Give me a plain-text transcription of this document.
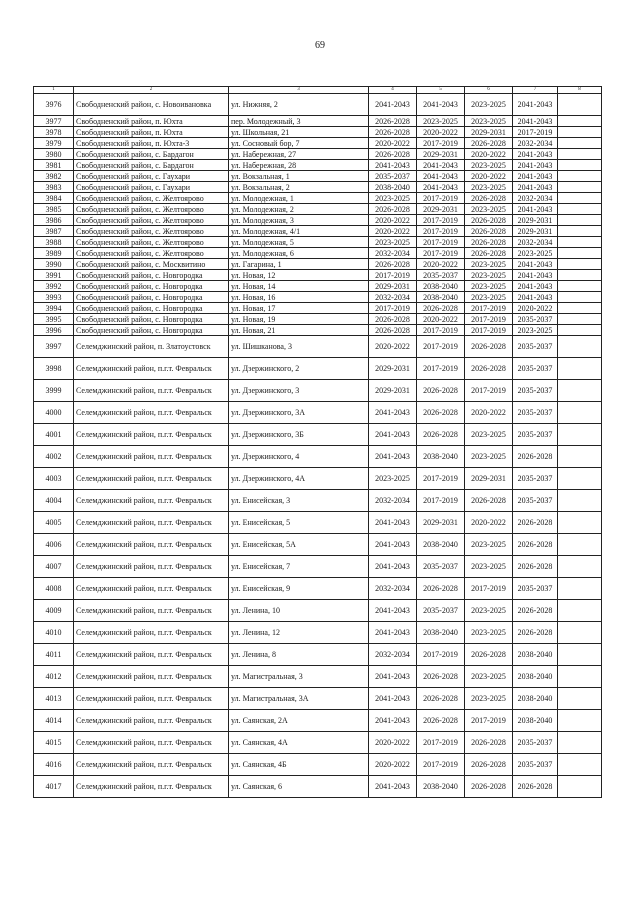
69
1	2	3	4	5	6	7	8
3976	Свободненский район, с. Новоивановка	ул. Нижняя, 2	2041-2043	2041-2043	2023-2025	2041-2043	
3977	Свободненский район, п. Юхта	пер. Молодежный, 3	2026-2028	2023-2025	2023-2025	2041-2043	
3978	Свободненский район, п. Юхта	ул. Школьная, 21	2026-2028	2020-2022	2029-2031	2017-2019	
3979	Свободненский район, п. Юхта-3	ул. Сосновый бор, 7	2020-2022	2017-2019	2026-2028	2032-2034	
3980	Свободненский район, с. Бардагон	ул. Набережная, 27	2026-2028	2029-2031	2020-2022	2041-2043	
3981	Свободненский район, с. Бардагон	ул. Набережная, 28	2041-2043	2041-2043	2023-2025	2041-2043	
3982	Свободненский район, с. Гаухари	ул. Вокзальная, 1	2035-2037	2041-2043	2020-2022	2041-2043	
3983	Свободненский район, с. Гаухари	ул. Вокзальная, 2	2038-2040	2041-2043	2023-2025	2041-2043	
3984	Свободненский район, с. Желтоярово	ул. Молодежная, 1	2023-2025	2017-2019	2026-2028	2032-2034	
3985	Свободненский район, с. Желтоярово	ул. Молодежная, 2	2026-2028	2029-2031	2023-2025	2041-2043	
3986	Свободненский район, с. Желтоярово	ул. Молодежная, 3	2020-2022	2017-2019	2026-2028	2029-2031	
3987	Свободненский район, с. Желтоярово	ул. Молодежная, 4/1	2020-2022	2017-2019	2026-2028	2029-2031	
3988	Свободненский район, с. Желтоярово	ул. Молодежная, 5	2023-2025	2017-2019	2026-2028	2032-2034	
3989	Свободненский район, с. Желтоярово	ул. Молодежная, 6	2032-2034	2017-2019	2026-2028	2023-2025	
3990	Свободненский район, с. Москвитино	ул. Гагарина, 1	2026-2028	2020-2022	2023-2025	2041-2043	
3991	Свободненский район, с. Новгородка	ул. Новая, 12	2017-2019	2035-2037	2023-2025	2041-2043	
3992	Свободненский район, с. Новгородка	ул. Новая, 14	2029-2031	2038-2040	2023-2025	2041-2043	
3993	Свободненский район, с. Новгородка	ул. Новая, 16	2032-2034	2038-2040	2023-2025	2041-2043	
3994	Свободненский район, с. Новгородка	ул. Новая, 17	2017-2019	2026-2028	2017-2019	2020-2022	
3995	Свободненский район, с. Новгородка	ул. Новая, 19	2026-2028	2020-2022	2017-2019	2035-2037	
3996	Свободненский район, с. Новгородка	ул. Новая, 21	2026-2028	2017-2019	2017-2019	2023-2025	
3997	Селемджинский район, п. Златоустовск	ул. Шишканова, 3	2020-2022	2017-2019	2026-2028	2035-2037	
3998	Селемджинский район, п.г.т. Февральск	ул. Дзержинского, 2	2029-2031	2017-2019	2026-2028	2035-2037	
3999	Селемджинский район, п.г.т. Февральск	ул. Дзержинского, 3	2029-2031	2026-2028	2017-2019	2035-2037	
4000	Селемджинский район, п.г.т. Февральск	ул. Дзержинского, 3А	2041-2043	2026-2028	2020-2022	2035-2037	
4001	Селемджинский район, п.г.т. Февральск	ул. Дзержинского, 3Б	2041-2043	2026-2028	2023-2025	2035-2037	
4002	Селемджинский район, п.г.т. Февральск	ул. Дзержинского, 4	2041-2043	2038-2040	2023-2025	2026-2028	
4003	Селемджинский район, п.г.т. Февральск	ул. Дзержинского, 4А	2023-2025	2017-2019	2029-2031	2035-2037	
4004	Селемджинский район, п.г.т. Февральск	ул. Енисейская, 3	2032-2034	2017-2019	2026-2028	2035-2037	
4005	Селемджинский район, п.г.т. Февральск	ул. Енисейская, 5	2041-2043	2029-2031	2020-2022	2026-2028	
4006	Селемджинский район, п.г.т. Февральск	ул. Енисейская, 5А	2041-2043	2038-2040	2023-2025	2026-2028	
4007	Селемджинский район, п.г.т. Февральск	ул. Енисейская, 7	2041-2043	2035-2037	2023-2025	2026-2028	
4008	Селемджинский район, п.г.т. Февральск	ул. Енисейская, 9	2032-2034	2026-2028	2017-2019	2035-2037	
4009	Селемджинский район, п.г.т. Февральск	ул. Ленина, 10	2041-2043	2035-2037	2023-2025	2026-2028	
4010	Селемджинский район, п.г.т. Февральск	ул. Ленина, 12	2041-2043	2038-2040	2023-2025	2026-2028	
4011	Селемджинский район, п.г.т. Февральск	ул. Ленина, 8	2032-2034	2017-2019	2026-2028	2038-2040	
4012	Селемджинский район, п.г.т. Февральск	ул. Магистральная, 3	2041-2043	2026-2028	2023-2025	2038-2040	
4013	Селемджинский район, п.г.т. Февральск	ул. Магистральная, 3А	2041-2043	2026-2028	2023-2025	2038-2040	
4014	Селемджинский район, п.г.т. Февральск	ул. Саянская, 2А	2041-2043	2026-2028	2017-2019	2038-2040	
4015	Селемджинский район, п.г.т. Февральск	ул. Саянская, 4А	2020-2022	2017-2019	2026-2028	2035-2037	
4016	Селемджинский район, п.г.т. Февральск	ул. Саянская, 4Б	2020-2022	2017-2019	2026-2028	2035-2037	
4017	Селемджинский район, п.г.т. Февральск	ул. Саянская, 6	2041-2043	2038-2040	2026-2028	2026-2028	
